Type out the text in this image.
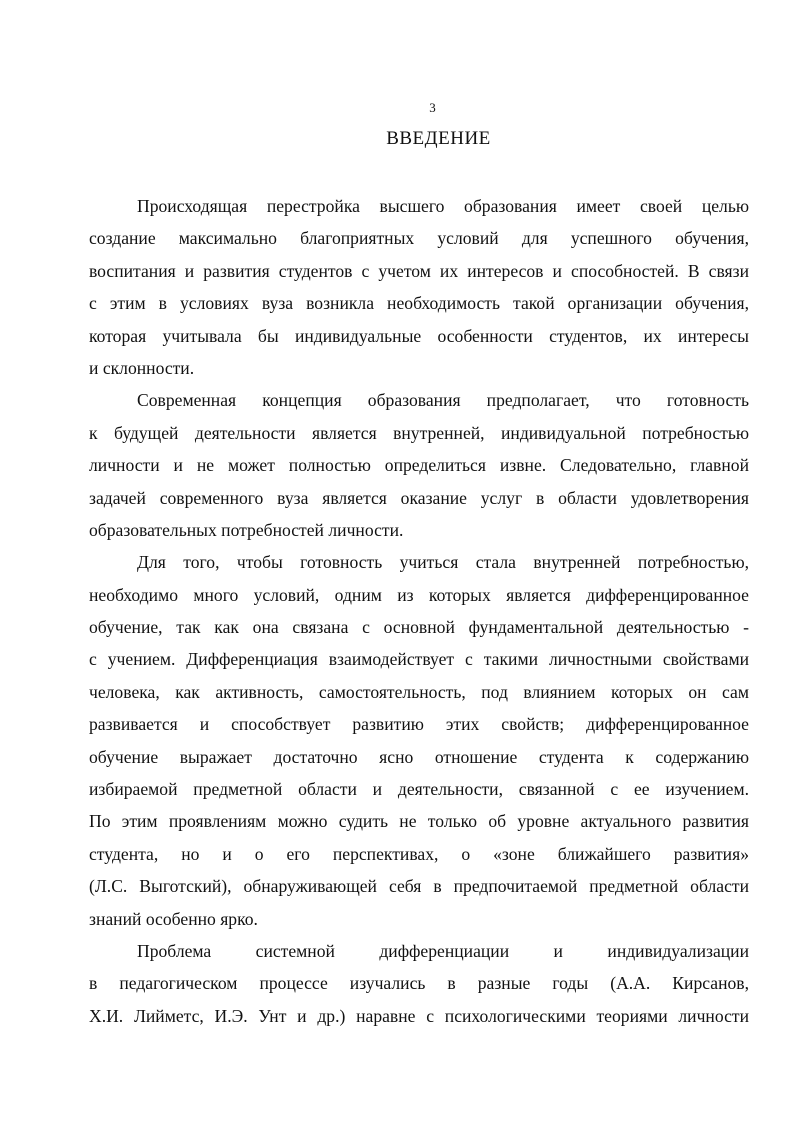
3
ВВЕДЕНИЕ
Происходящая перестройка высшего образования имеет своей целью
создание максимально благоприятных условий для успешного обучения,
воспитания и развития студентов с учетом их интересов и способностей. В связи
с этим в условиях вуза возникла необходимость такой организации обучения,
которая учитывала бы индивидуальные особенности студентов, их интересы
и склонности.
Современная концепция образования предполагает, что готовность
к будущей деятельности является внутренней, индивидуальной потребностью
личности и не может полностью определиться извне. Следовательно, главной
задачей современного вуза является оказание услуг в области удовлетворения
образовательных потребностей личности.
Для того, чтобы готовность учиться стала внутренней потребностью,
необходимо много условий, одним из которых является дифференцированное
обучение, так как она связана с основной фундаментальной деятельностью -
с учением. Дифференциация взаимодействует с такими личностными свойствами
человека, как активность, самостоятельность, под влиянием которых он сам
развивается и способствует развитию этих свойств; дифференцированное
обучение выражает достаточно ясно отношение студента к содержанию
избираемой предметной области и деятельности, связанной с ее изучением.
По этим проявлениям можно судить не только об уровне актуального развития
студента, но и о его перспективах, о «зоне ближайшего развития»
(Л.С. Выготский), обнаруживающей себя в предпочитаемой предметной области
знаний особенно ярко.
Проблема системной дифференциации и индивидуализации
в педагогическом процессе изучались в разные годы (А.А. Кирсанов,
Х.И. Лийметс, И.Э. Унт и др.) наравне с психологическими теориями личности
